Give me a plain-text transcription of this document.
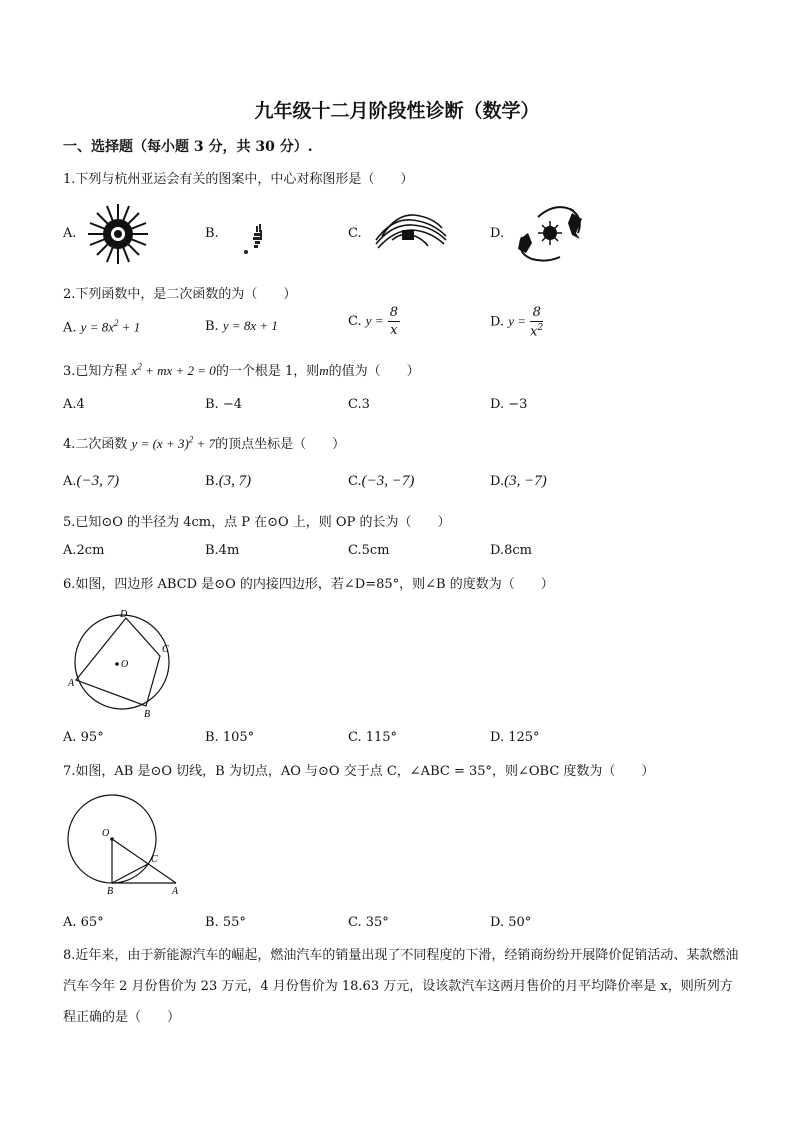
九年级十二月阶段性诊断（数学）
一、选择题（每小题 3 分，共 30 分）.
1.下列与杭州亚运会有关的图案中，中心对称图形是（　　）
A.	B.	C.	D.
2.下列函数中，是二次函数的为（　　）
A. $y = 8x^2 + 1$	B. y = 8x + 1	C. $y = \frac{8}{x}$	D. $y = \frac{8}{x^2}$
3.已知方程 $x^2$ + mx + 2 = 0的一个根是 1，则m的值为（　　）
A.4	B. −4	C.3	D. −3
4.二次函数 $y = (x + 3)^2 + 7$的顶点坐标是（　　）
A.(−3, 7)	B.(3, 7)	C.(−3, −7)	D.(3, −7)
5.已知⊙O 的半径为 4cm，点 P 在⊙O 上，则 OP 的长为（　　）
A.2cm	B.4m	C.5cm	D.8cm
6.如图，四边形 ABCD 是⊙O 的内接四边形，若∠D=85°，则∠B 的度数为（　　）
A
B
C
D
O
A. 95°	B. 105°	C. 115°	D. 125°
7.如图，AB 是⊙O 切线，B 为切点，AO 与⊙O 交于点 C，∠ABC = 35°，则∠OBC 度数为（　　）
O
C
B	A
A. 65°	B. 55°	C. 35°	D. 50°
8.近年来，由于新能源汽车的崛起，燃油汽车的销量出现了不同程度的下滑，经销商纷纷开展降价促销活动、某款燃油汽车今年 2 月份售价为 23 万元，4 月份售价为 18.63 万元，设该款汽车这两月售价的月平均降价率是 x，则所列方程正确的是（　　）
